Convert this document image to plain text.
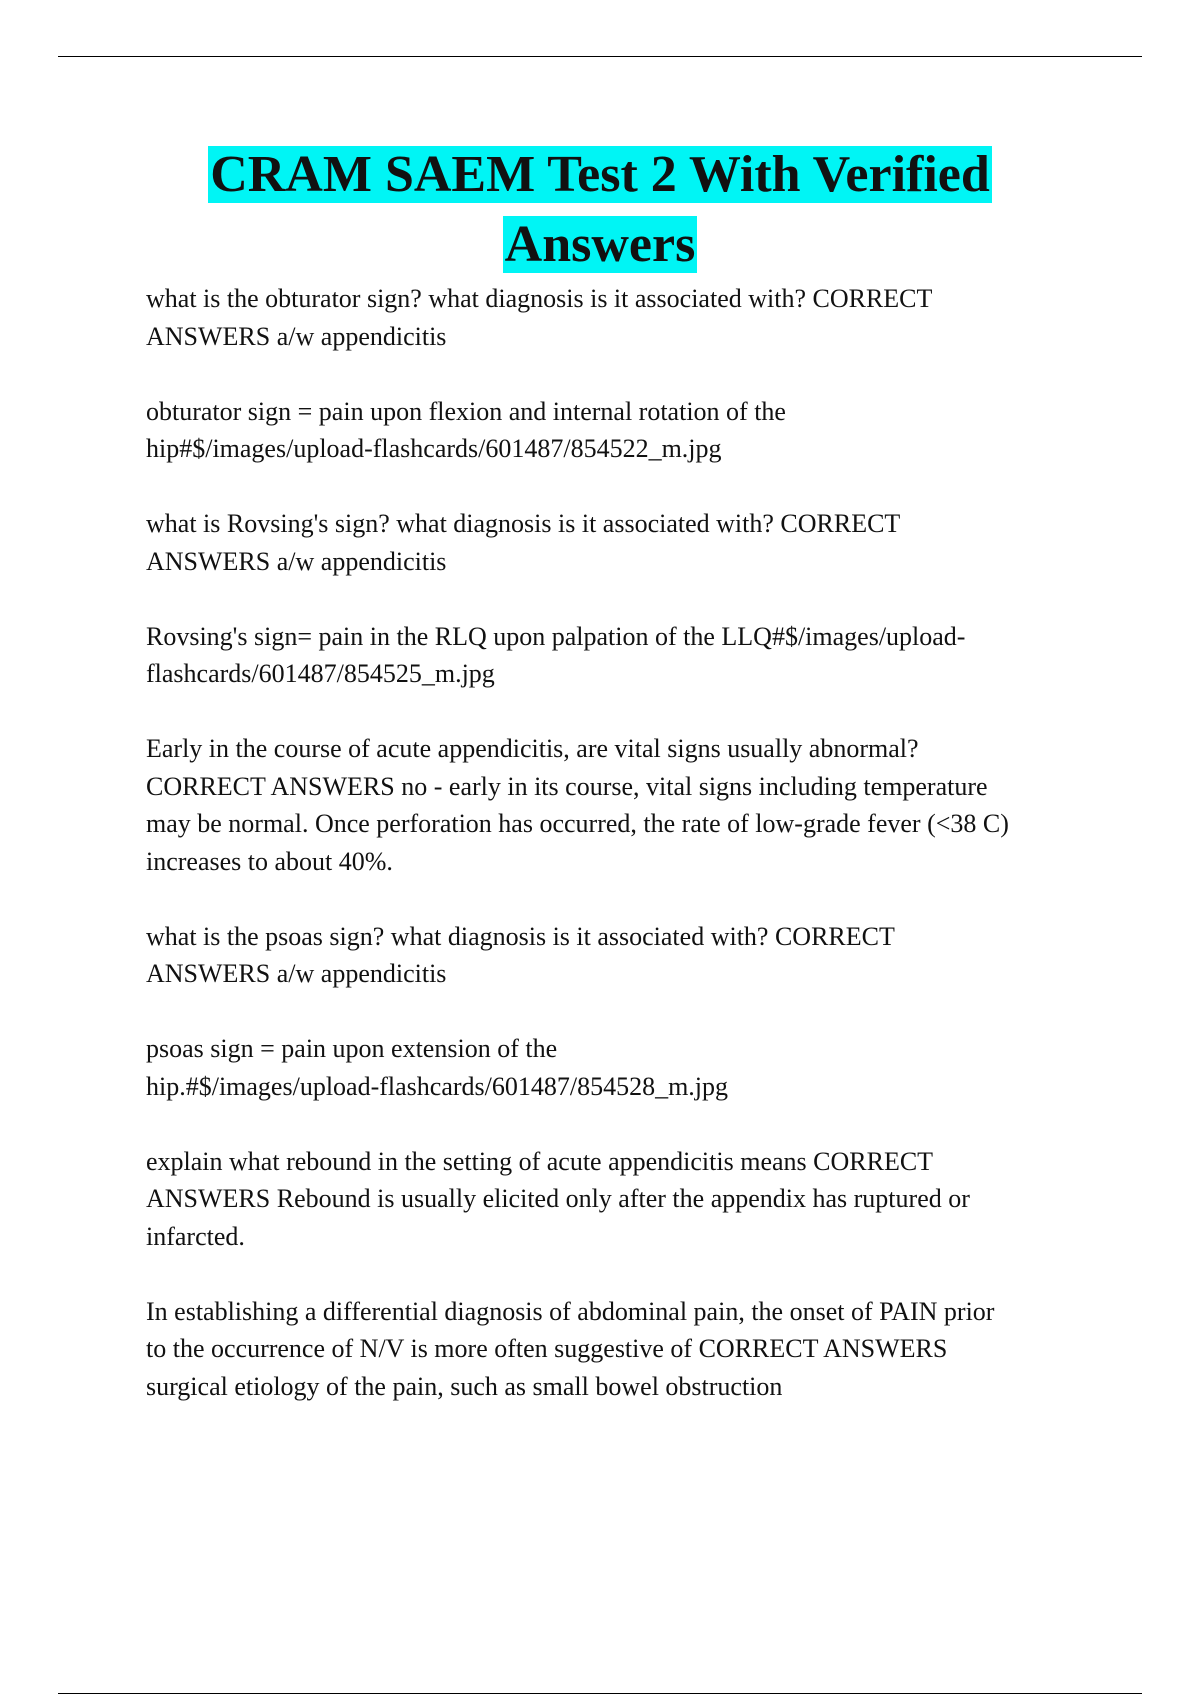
CRAM SAEM Test 2 With Verified
Answers

what is the obturator sign? what diagnosis is it associated with? CORRECT
ANSWERS a/w appendicitis

obturator sign = pain upon flexion and internal rotation of the
hip#$/images/upload-flashcards/601487/854522_m.jpg

what is Rovsing's sign? what diagnosis is it associated with? CORRECT
ANSWERS a/w appendicitis

Rovsing's sign= pain in the RLQ upon palpation of the LLQ#$/images/upload-
flashcards/601487/854525_m.jpg

Early in the course of acute appendicitis, are vital signs usually abnormal?
CORRECT ANSWERS no - early in its course, vital signs including temperature
may be normal. Once perforation has occurred, the rate of low-grade fever (<38 C)
increases to about 40%.

what is the psoas sign? what diagnosis is it associated with? CORRECT
ANSWERS a/w appendicitis

psoas sign = pain upon extension of the
hip.#$/images/upload-flashcards/601487/854528_m.jpg

explain what rebound in the setting of acute appendicitis means CORRECT
ANSWERS Rebound is usually elicited only after the appendix has ruptured or
infarcted.

In establishing a differential diagnosis of abdominal pain, the onset of PAIN prior
to the occurrence of N/V is more often suggestive of CORRECT ANSWERS
surgical etiology of the pain, such as small bowel obstruction
